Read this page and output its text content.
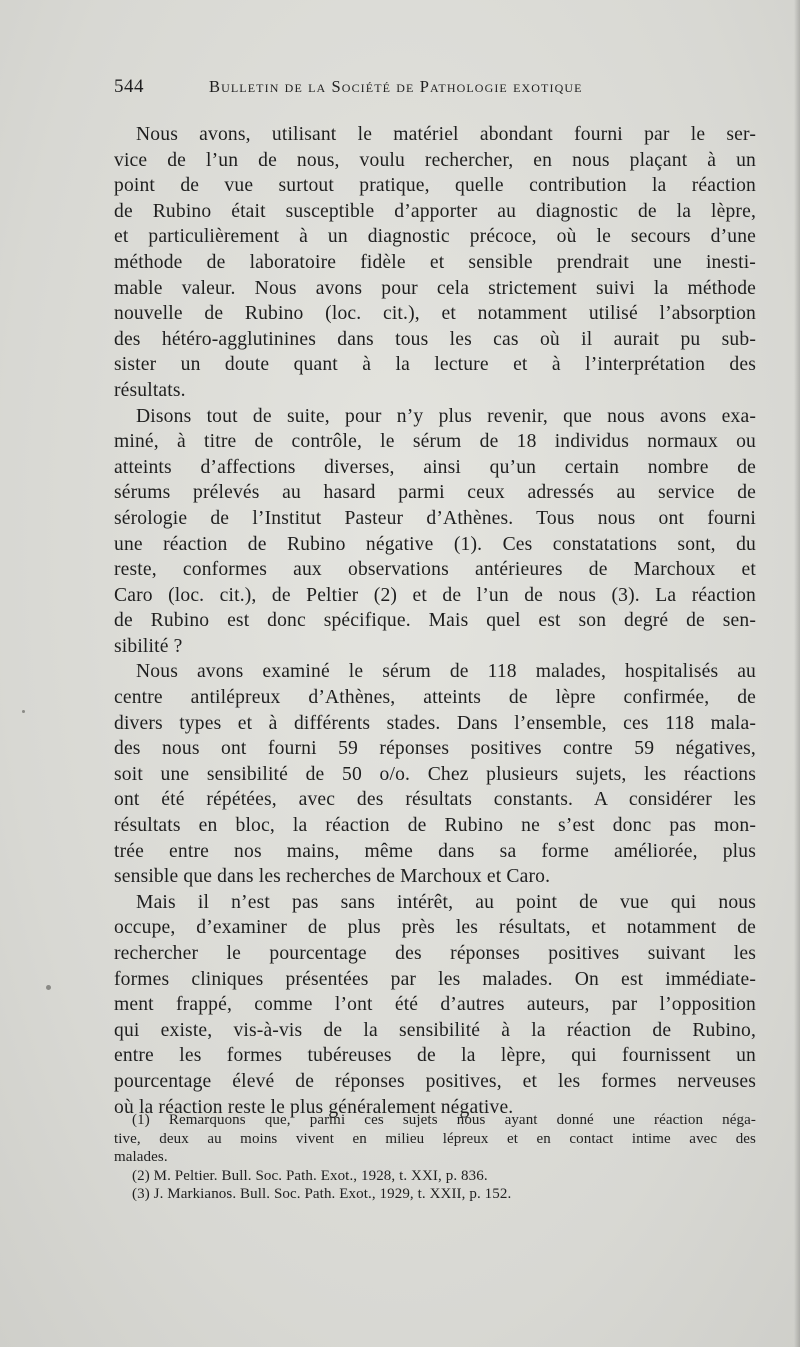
544	Bulletin de la Société de Pathologie exotique
Nous avons, utilisant le matériel abondant fourni par le ser-
vice de l’un de nous, voulu rechercher, en nous plaçant à un
point de vue surtout pratique, quelle contribution la réaction
de Rubino était susceptible d’apporter au diagnostic de la lèpre,
et particulièrement à un diagnostic précoce, où le secours d’une
méthode de laboratoire fidèle et sensible prendrait une inesti-
mable valeur. Nous avons pour cela strictement suivi la méthode
nouvelle de Rubino (loc. cit.), et notamment utilisé l’absorption
des hétéro-agglutinines dans tous les cas où il aurait pu sub-
sister un doute quant à la lecture et à l’interprétation des
résultats.
Disons tout de suite, pour n’y plus revenir, que nous avons exa-
miné, à titre de contrôle, le sérum de 18 individus normaux ou
atteints d’affections diverses, ainsi qu’un certain nombre de
sérums prélevés au hasard parmi ceux adressés au service de
sérologie de l’Institut Pasteur d’Athènes. Tous nous ont fourni
une réaction de Rubino négative (1). Ces constatations sont, du
reste, conformes aux observations antérieures de Marchoux et
Caro (loc. cit.), de Peltier (2) et de l’un de nous (3). La réaction
de Rubino est donc spécifique. Mais quel est son degré de sen-
sibilité ?
Nous avons examiné le sérum de 118 malades, hospitalisés au
centre antilépreux d’Athènes, atteints de lèpre confirmée, de
divers types et à différents stades. Dans l’ensemble, ces 118 mala-
des nous ont fourni 59 réponses positives contre 59 négatives,
soit une sensibilité de 50 o/o. Chez plusieurs sujets, les réactions
ont été répétées, avec des résultats constants. A considérer les
résultats en bloc, la réaction de Rubino ne s’est donc pas mon-
trée entre nos mains, même dans sa forme améliorée, plus
sensible que dans les recherches de Marchoux et Caro.
Mais il n’est pas sans intérêt, au point de vue qui nous
occupe, d’examiner de plus près les résultats, et notamment de
rechercher le pourcentage des réponses positives suivant les
formes cliniques présentées par les malades. On est immédiate-
ment frappé, comme l’ont été d’autres auteurs, par l’opposition
qui existe, vis-à-vis de la sensibilité à la réaction de Rubino,
entre les formes tubéreuses de la lèpre, qui fournissent un
pourcentage élevé de réponses positives, et les formes nerveuses
où la réaction reste le plus généralement négative.
(1) Remarquons que, parmi ces sujets nous ayant donné une réaction néga-
tive, deux au moins vivent en milieu lépreux et en contact intime avec des
malades.
(2) M. Peltier. Bull. Soc. Path. Exot., 1928, t. XXI, p. 836.
(3) J. Markianos. Bull. Soc. Path. Exot., 1929, t. XXII, p. 152.
